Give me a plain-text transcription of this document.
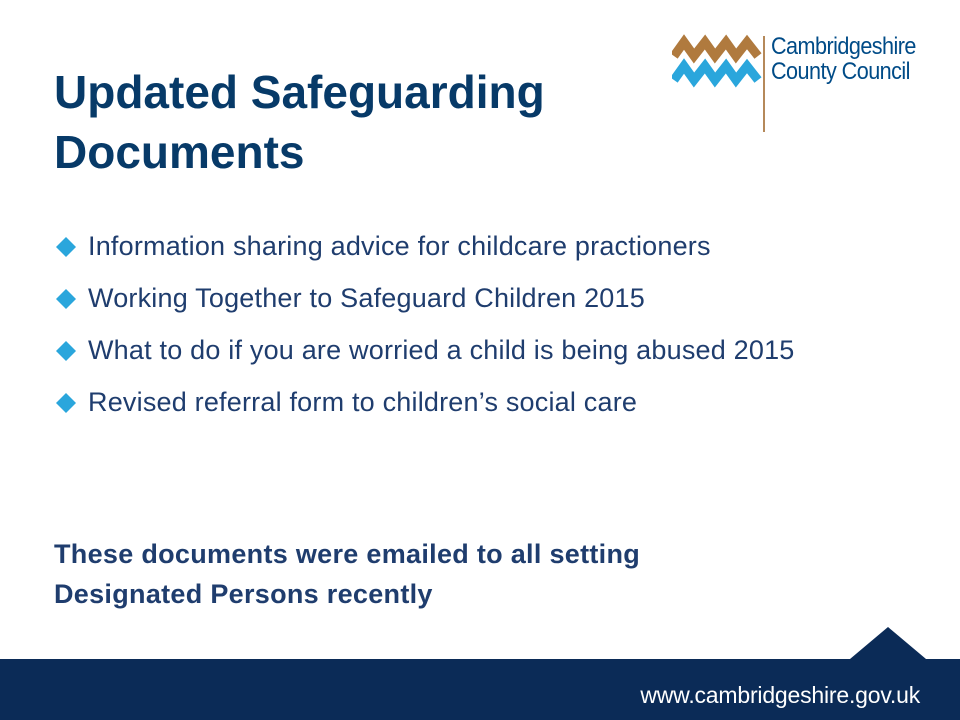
Cambridgeshire
County Council
Updated Safeguarding
Documents
Information sharing advice for childcare practioners
Working Together to Safeguard Children 2015
What to do if you are worried a child is being abused 2015
Revised referral form to children’s social care

These documents were emailed to all setting
Designated Persons recently

www.cambridgeshire.gov.uk
